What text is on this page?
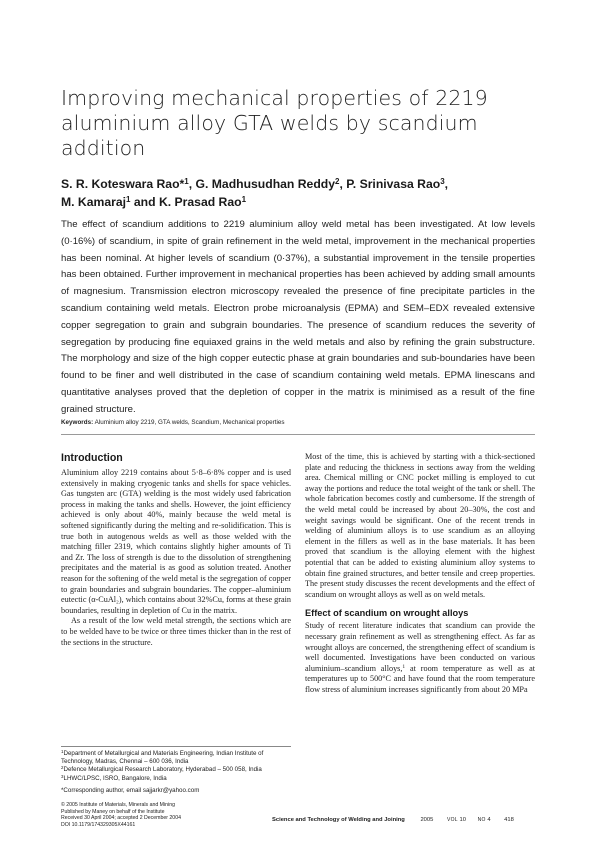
Improving mechanical properties of 2219 aluminium alloy GTA welds by scandium addition
S. R. Koteswara Rao*$^1$, G. Madhusudhan Reddy$^2$, P. Srinivasa Rao$^3$,
M. Kamaraj$^1$ and K. Prasad Rao$^1$

The effect of scandium additions to 2219 aluminium alloy weld metal has been investigated. At low levels (0·16%) of scandium, in spite of grain refinement in the weld metal, improvement in the mechanical properties has been nominal. At higher levels of scandium (0·37%), a substantial improvement in the tensile properties has been obtained. Further improvement in mechanical properties has been achieved by adding small amounts of magnesium. Transmission electron microscopy revealed the presence of fine precipitate particles in the scandium containing weld metals. Electron probe microanalysis (EPMA) and SEM–EDX revealed extensive copper segregation to grain and subgrain boundaries. The presence of scandium reduces the severity of segregation by producing fine equiaxed grains in the weld metals and also by refining the grain substructure. The morphology and size of the high copper eutectic phase at grain boundaries and sub-boundaries have been found to be finer and well distributed in the case of scandium containing weld metals. EPMA linescans and quantitative analyses proved that the depletion of copper in the matrix is minimised as a result of the fine grained structure.

Keywords: Aluminium alloy 2219, GTA welds, Scandium, Mechanical properties
Introduction

Aluminium alloy 2219 contains about 5·8–6·8% copper and is used extensively in making cryogenic tanks and shells for space vehicles. Gas tungsten arc (GTA) welding is the most widely used fabrication process in making the tanks and shells. However, the joint efficiency achieved is only about 40%, mainly because the weld metal is softened significantly during the melting and re-solidification. This is true both in autogenous welds as well as those welded with the matching filler 2319, which contains slightly higher amounts of Ti and Zr. The loss of strength is due to the dissolution of strengthening precipitates and the material is as good as solution treated. Another reason for the softening of the weld metal is the segregation of copper to grain boundaries and subgrain boundaries. The copper–aluminium eutectic (α-CuAl₂), which contains about 32%Cu, forms at these grain boundaries, resulting in depletion of Cu in the matrix.

As a result of the low weld metal strength, the sections which are to be welded have to be twice or three times thicker than in the rest of the sections in the structure.

Most of the time, this is achieved by starting with a thick-sectioned plate and reducing the thickness in sections away from the welding area. Chemical milling or CNC pocket milling is employed to cut away the portions and reduce the total weight of the tank or shell. The whole fabrication becomes costly and cumbersome. If the strength of the weld metal could be increased by about 20–30%, the cost and weight savings would be significant. One of the recent trends in welding of aluminium alloys is to use scandium as an alloying element in the fillers as well as in the base materials. It has been proved that scandium is the alloying element with the highest potential that can be added to existing aluminium alloy systems to obtain fine grained structures, and better tensile and creep properties. The present study discusses the recent developments and the effect of scandium on wrought alloys as well as on weld metals.

Effect of scandium on wrought alloys

Study of recent literature indicates that scandium can provide the necessary grain refinement as well as strengthening effect. As far as wrought alloys are concerned, the strengthening effect of scandium is well documented. Investigations have been conducted on various aluminium–scandium alloys,$^1$ at room temperature as well as at temperatures up to 500°C and have found that the room temperature flow stress of aluminium increases significantly from about 20 MPa

$^1$Department of Metallurgical and Materials Engineering, Indian Institute of Technology, Madras, Chennai – 600 036, India

$^2$Defence Metallurgical Research Laboratory, Hyderabad – 500 058, India

$^3$LHWC/LPSC, ISRO, Bangalore, India

*Corresponding author, email sajjarkr@yahoo.com

© 2005 Institute of Materials, Minerals and Mining

Published by Maney on behalf of the Institute

Received 30 April 2004; accepted 2 December 2004

DOI 10.1179/174329305X44161

Science and Technology of Welding and Joining	2005	VOL 10 NO 4 418
